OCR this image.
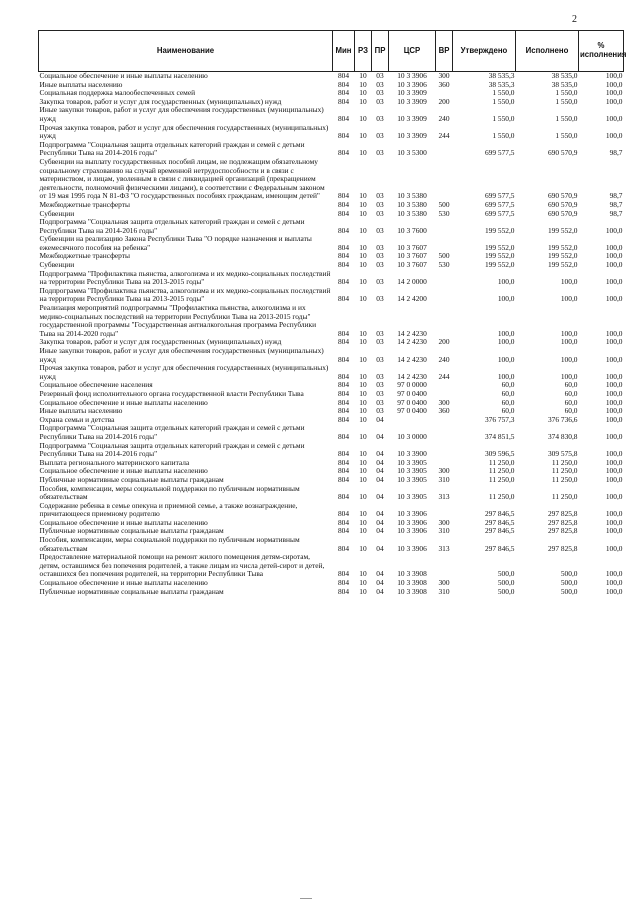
2
Наименование	Мин	РЗ	ПР	ЦСР	ВР	Утверждено	Исполнено	% исполнения
Социальное обеспечение и иные выплаты населению	804	10	03	10 3 3906	300	38 535,3	38 535,0	100,0
Иные выплаты населению	804	10	03	10 3 3906	360	38 535,3	38 535,0	100,0
Социальная поддержка малообеспеченных семей	804	10	03	10 3 3909		1 550,0	1 550,0	100,0
Закупка товаров, работ и услуг для государственных (муниципальных) нужд	804	10	03	10 3 3909	200	1 550,0	1 550,0	100,0
Иные закупки товаров, работ и услуг для обеспечения государственных (муниципальных) нужд	804	10	03	10 3 3909	240	1 550,0	1 550,0	100,0
Прочая закупка товаров, работ и услуг для обеспечения государственных (муниципальных) нужд	804	10	03	10 3 3909	244	1 550,0	1 550,0	100,0
Подпрограмма "Социальная защита отдельных категорий граждан и семей с детьми Республики Тыва на 2014-2016 годы"	804	10	03	10 3 5300		699 577,5	690 570,9	98,7
Субвенции на выплату государственных пособий лицам, не подлежащим обязательному социальному страхованию на случай временной нетрудоспособности и в связи с материнством, и лицам, уволенным в связи с ликвидацией организаций (прекращением деятельности, полномочий физическими лицами), в соответствии с Федеральным законом от 19 мая 1995 года N 81-ФЗ "О государственных пособиях гражданам, имеющим детей"	804	10	03	10 3 5380		699 577,5	690 570,9	98,7
Межбюджетные трансферты	804	10	03	10 3 5380	500	699 577,5	690 570,9	98,7
Субвенции	804	10	03	10 3 5380	530	699 577,5	690 570,9	98,7
Подпрограмма "Социальная защита отдельных категорий граждан и семей с детьми Республики Тыва на 2014-2016 годы"	804	10	03	10 3 7600		199 552,0	199 552,0	100,0
Субвенции на реализацию Закона Республики Тыва "О порядке назначения и выплаты ежемесячного пособия на ребенка"	804	10	03	10 3 7607		199 552,0	199 552,0	100,0
Межбюджетные трансферты	804	10	03	10 3 7607	500	199 552,0	199 552,0	100,0
Субвенции	804	10	03	10 3 7607	530	199 552,0	199 552,0	100,0
Подпрограмма "Профилактика пьянства, алкоголизма и их медико-социальных последствий на территории Республики Тыва на 2013-2015 годы"	804	10	03	14 2 0000		100,0	100,0	100,0
Подпрограмма "Профилактика пьянства, алкоголизма и их медико-социальных последствий на территории Республики Тыва на 2013-2015 годы"	804	10	03	14 2 4200		100,0	100,0	100,0
Реализация мероприятий подпрограммы "Профилактика пьянства, алкоголизма и их медико-социальных последствий на территории Республики Тыва на 2013-2015 годы" государственной программы "Государственная антиалкогольная программа Республики Тыва на 2014-2020 годы"	804	10	03	14 2 4230		100,0	100,0	100,0
Закупка товаров, работ и услуг для государственных (муниципальных) нужд	804	10	03	14 2 4230	200	100,0	100,0	100,0
Иные закупки товаров, работ и услуг для обеспечения государственных (муниципальных) нужд	804	10	03	14 2 4230	240	100,0	100,0	100,0
Прочая закупка товаров, работ и услуг для обеспечения государственных (муниципальных) нужд	804	10	03	14 2 4230	244	100,0	100,0	100,0
Социальное обеспечение населения	804	10	03	97 0 0000		60,0	60,0	100,0
Резервный фонд исполнительного органа государственной власти Республики Тыва	804	10	03	97 0 0400		60,0	60,0	100,0
Социальное обеспечение и иные выплаты населению	804	10	03	97 0 0400	300	60,0	60,0	100,0
Иные выплаты населению	804	10	03	97 0 0400	360	60,0	60,0	100,0
Охрана семьи и детства	804	10	04			376 757,3	376 736,6	100,0
Подпрограмма "Социальная защита отдельных категорий граждан и семей с детьми Республики Тыва на 2014-2016 годы"	804	10	04	10 3 0000		374 851,5	374 830,8	100,0
Подпрограмма "Социальная защита отдельных категорий граждан и семей с детьми Республики Тыва на 2014-2016 годы"	804	10	04	10 3 3900		309 596,5	309 575,8	100,0
Выплата регионального материнского капитала	804	10	04	10 3 3905		11 250,0	11 250,0	100,0
Социальное обеспечение и иные выплаты населению	804	10	04	10 3 3905	300	11 250,0	11 250,0	100,0
Публичные нормативные социальные выплаты гражданам	804	10	04	10 3 3905	310	11 250,0	11 250,0	100,0
Пособия, компенсации, меры социальной поддержки по публичным нормативным обязательствам	804	10	04	10 3 3905	313	11 250,0	11 250,0	100,0
Содержание ребенка в семье опекуна и приемной семье, а также вознаграждение, причитающееся приемному родителю	804	10	04	10 3 3906		297 846,5	297 825,8	100,0
Социальное обеспечение и иные выплаты населению	804	10	04	10 3 3906	300	297 846,5	297 825,8	100,0
Публичные нормативные социальные выплаты гражданам	804	10	04	10 3 3906	310	297 846,5	297 825,8	100,0
Пособия, компенсации, меры социальной поддержки по публичным нормативным обязательствам	804	10	04	10 3 3906	313	297 846,5	297 825,8	100,0
Предоставление материальной помощи на ремонт жилого помещения детям-сиротам, детям, оставшимся без попечения родителей, а также лицам из числа детей-сирот и детей, оставшихся без попечения родителей, на территории Республики Тыва	804	10	04	10 3 3908		500,0	500,0	100,0
Социальное обеспечение и иные выплаты населению	804	10	04	10 3 3908	300	500,0	500,0	100,0
Публичные нормативные социальные выплаты гражданам	804	10	04	10 3 3908	310	500,0	500,0	100,0
